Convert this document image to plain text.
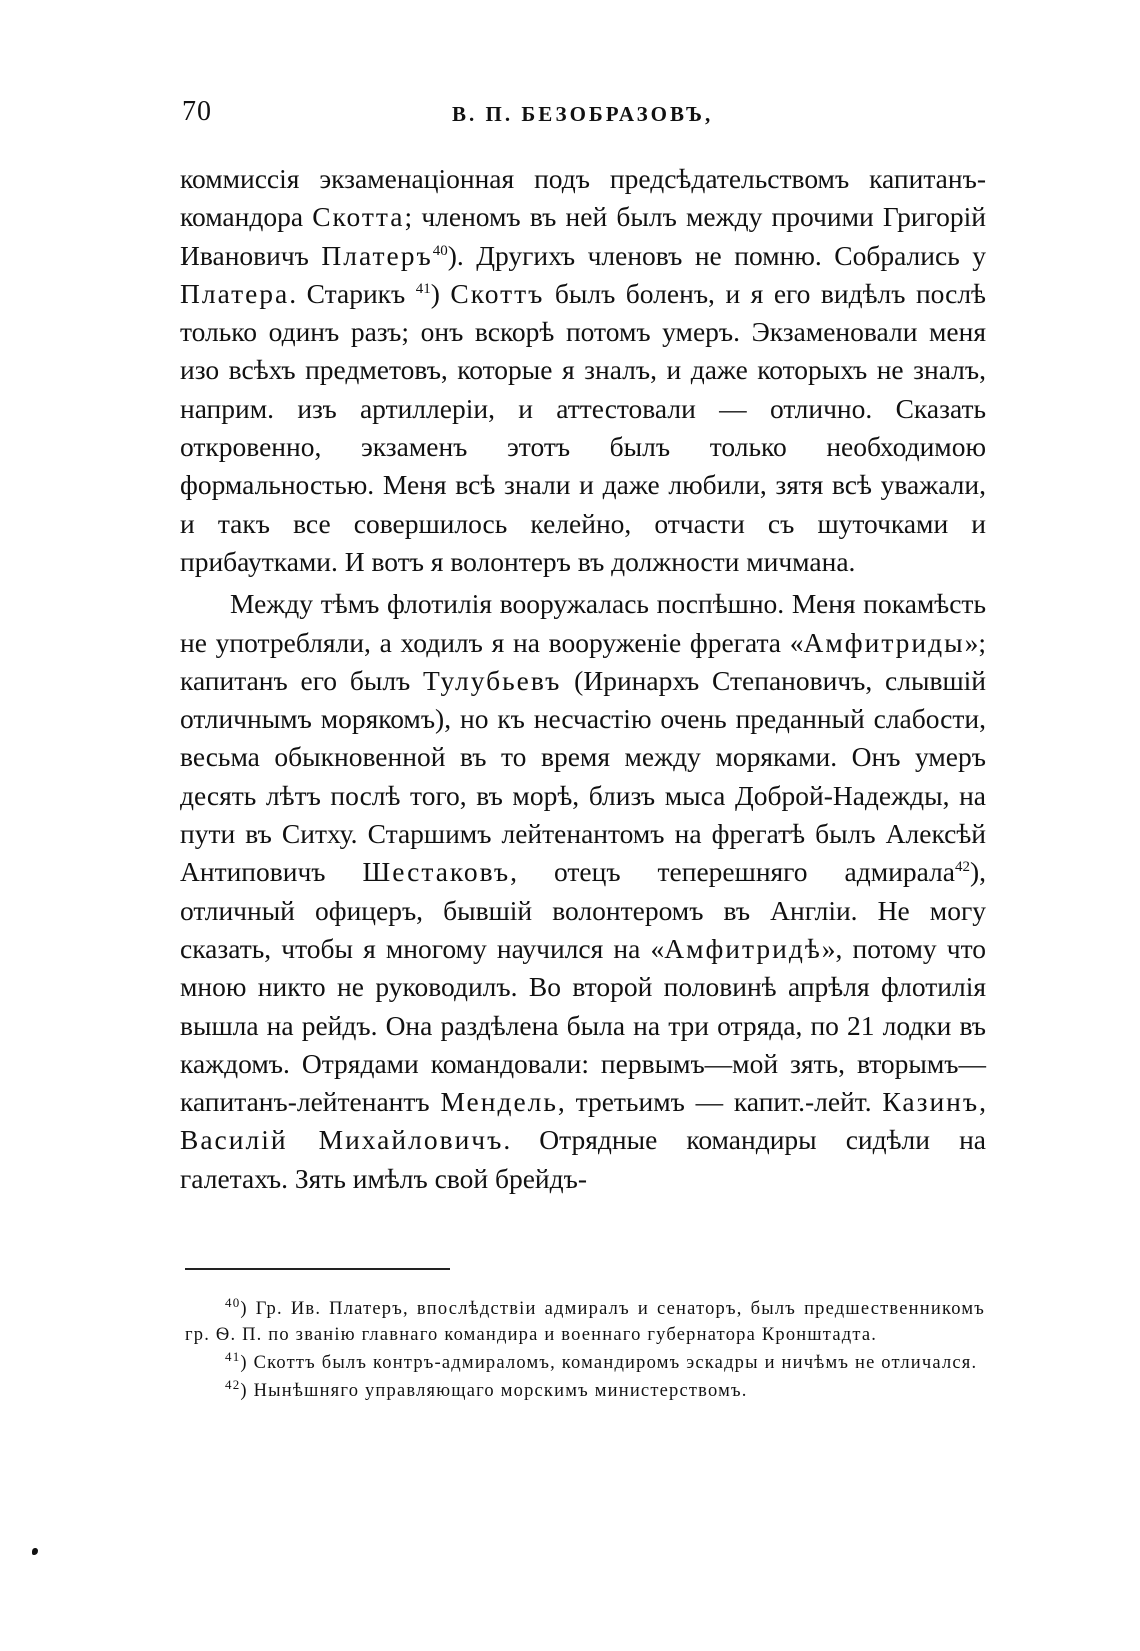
70	В. П. БЕЗОБРАЗОВЪ,

коммиссія экзаменаціонная подъ предсѣдательствомъ капитанъ-командора Скотта; членомъ въ ней былъ между прочими Григорій Ивановичъ Платеръ$^{40}$). Другихъ членовъ не помню. Собрались у Платера. Старикъ $^{41}$) Скоттъ былъ боленъ, и я его видѣлъ послѣ только одинъ разъ; онъ вскорѣ потомъ умеръ. Экзаменовали меня изо всѣхъ предметовъ, которые я зналъ, и даже которыхъ не зналъ, наприм. изъ артиллеріи, и аттестовали — отлично. Сказать откровенно, экзаменъ этотъ былъ только необходимою формальностью. Меня всѣ знали и даже любили, зятя всѣ уважали, и такъ все совершилось келейно, отчасти съ шуточками и прибаутками. И вотъ я волонтеръ въ должности мичмана.

Между тѣмъ флотилія вооружалась поспѣшно. Меня покамѣсть не употребляли, а ходилъ я на вооруженіе фрегата «Амфитриды»; капитанъ его былъ Тулубьевъ (Иринархъ Степановичъ, слывшій отличнымъ морякомъ), но къ несчастію очень преданный слабости, весьма обыкновенной въ то время между моряками. Онъ умеръ десять лѣтъ послѣ того, въ морѣ, близъ мыса Доброй-Надежды, на пути въ Ситху. Старшимъ лейтенантомъ на фрегатѣ былъ Алексѣй Антиповичъ Шестаковъ, отецъ теперешняго адмирала$^{42}$), отличный офицеръ, бывшій волонтеромъ въ Англіи. Не могу сказать, чтобы я многому научился на «Амфитридѣ», потому что мною никто не руководилъ. Во второй половинѣ апрѣля флотилія вышла на рейдъ. Она раздѣлена была на три отряда, по 21 лодки въ каждомъ. Отрядами командовали: первымъ—мой зять, вторымъ—капитанъ-лейтенантъ Мендель, третьимъ — капит.-лейт. Казинъ, Василій Михайловичъ. Отрядные командиры сидѣли на галетахъ. Зять имѣлъ свой брейдъ-

$^{40}$) Гр. Ив. Платеръ, впослѣдствіи адмиралъ и сенаторъ, былъ предшественникомъ гр. Ѳ. П. по званію главнаго командира и военнаго губернатора Кронштадта.

$^{41}$) Скоттъ былъ контръ-адмираломъ, командиромъ эскадры и ничѣмъ не отличался.

$^{42}$) Нынѣшняго управляющаго морскимъ министерствомъ.
